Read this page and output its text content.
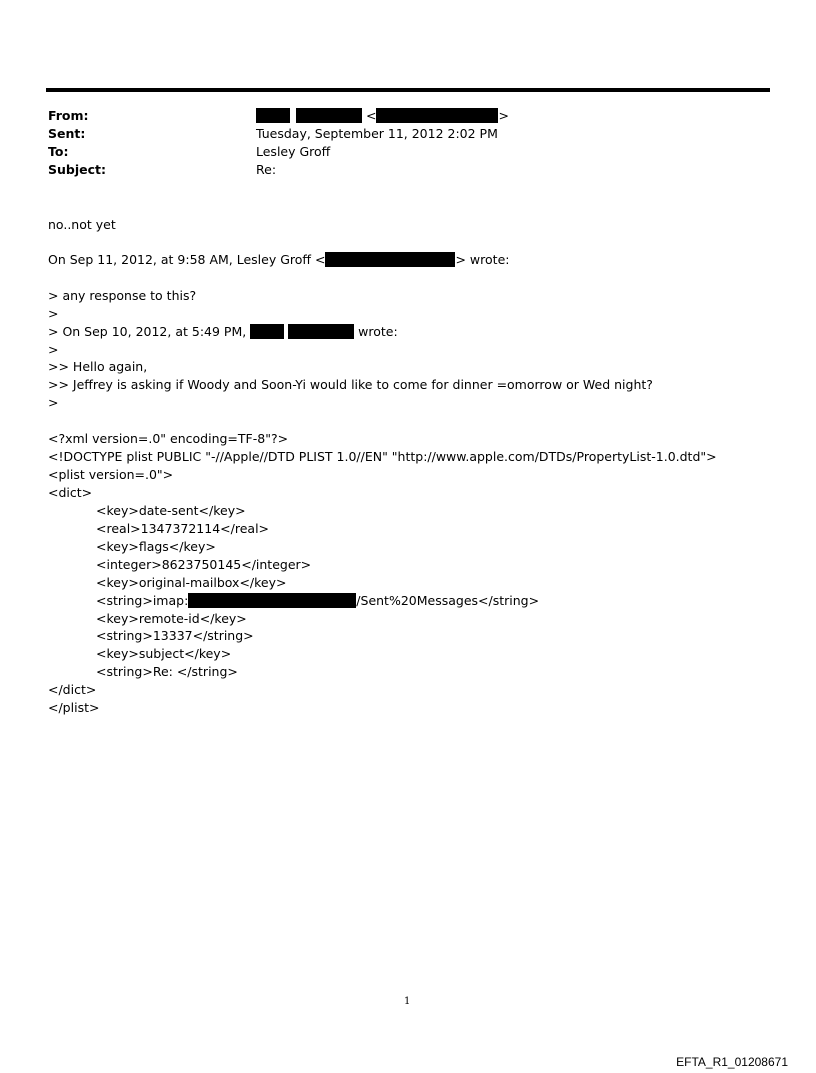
From:	<	>
Sent:	Tuesday, September 11, 2012 2:02 PM
To:	Lesley Groff
Subject:	Re:
no..not yet
On Sep 11, 2012, at 9:58 AM, Lesley Groff <	> wrote:
> any response to this?
>
> On Sep 10, 2012, at 5:49 PM,	wrote:
>
>> Hello again,
>> Jeffrey is asking if Woody and Soon-Yi would like to come for dinner =omorrow or Wed night?
>
<?xml version=.0" encoding=TF-8"?>
<!DOCTYPE plist PUBLIC "-//Apple//DTD PLIST 1.0//EN" "http://www.apple.com/DTDs/PropertyList-1.0.dtd">
<plist version=.0">
<dict>
<key>date-sent</key>
<real>1347372114</real>
<key>flags</key>
<integer>8623750145</integer>
<key>original-mailbox</key>
<string>imap:	/Sent%20Messages</string>
<key>remote-id</key>
<string>13337</string>
<key>subject</key>
<string>Re: </string>
</dict>
</plist>
1
EFTA_R1_01208671
